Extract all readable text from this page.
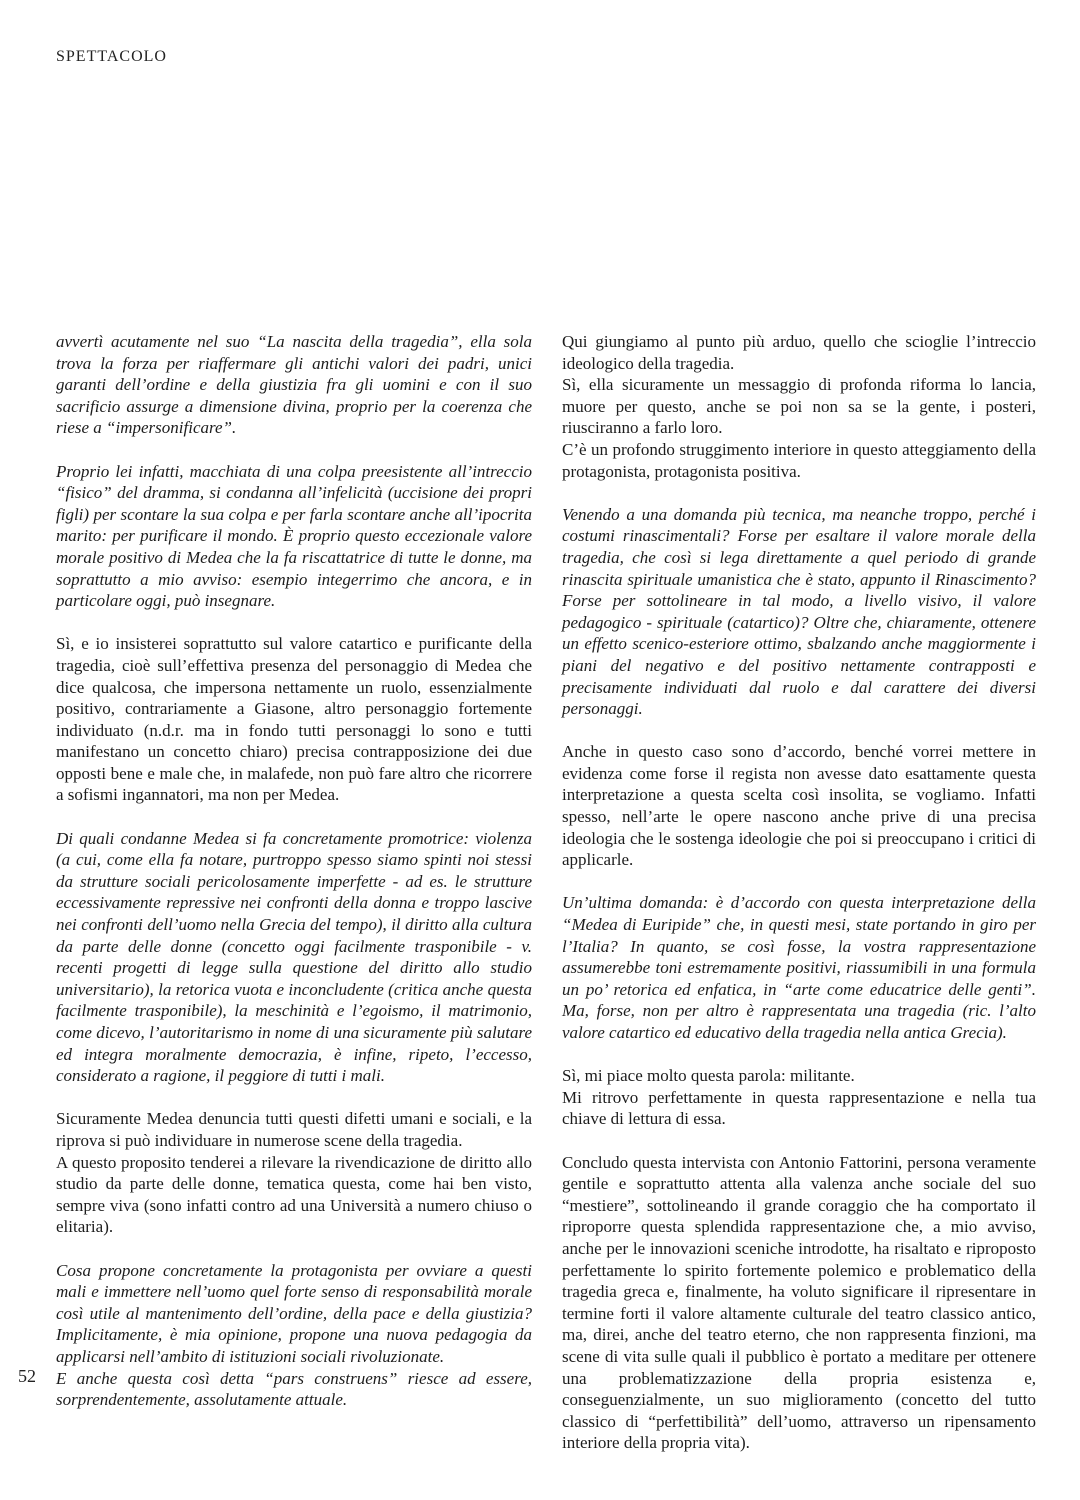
SPETTACOLO

avvertì acutamente nel suo “La nascita della tragedia”, ella sola trova la forza per riaffermare gli antichi valori dei padri, unici garanti dell’ordine e della giustizia fra gli uomini e con il suo sacrificio assurge a dimensione divina, proprio per la coerenza che riese a “impersonificare”.

Proprio lei infatti, macchiata di una colpa preesistente all’intreccio “fisico” del dramma, si condanna all’infelicità (uccisione dei propri figli) per scontare la sua colpa e per farla scontare anche all’ipocrita marito: per purificare il mondo. È proprio questo eccezionale valore morale positivo di Medea che la fa riscattatrice di tutte le donne, ma soprattutto a mio avviso: esempio integerrimo che ancora, e in particolare oggi, può insegnare.

Sì, e io insisterei soprattutto sul valore catartico e purificante della tragedia, cioè sull’effettiva presenza del personaggio di Medea che dice qualcosa, che impersona nettamente un ruolo, essenzialmente positivo, contrariamente a Giasone, altro personaggio fortemente individuato (n.d.r. ma in fondo tutti personaggi lo sono e tutti manifestano un concetto chiaro) precisa contrapposizione dei due opposti bene e male che, in malafede, non può fare altro che ricorrere a sofismi ingannatori, ma non per Medea.

Di quali condanne Medea si fa concretamente promotrice: violenza (a cui, come ella fa notare, purtroppo spesso siamo spinti noi stessi da strutture sociali pericolosamente imperfette - ad es. le strutture eccessivamente repressive nei confronti della donna e troppo lascive nei confronti dell’uomo nella Grecia del tempo), il diritto alla cultura da parte delle donne (concetto oggi facilmente trasponibile - v. recenti progetti di legge sulla questione del diritto allo studio universitario), la retorica vuota e inconcludente (critica anche questa facilmente trasponibile), la meschinità e l’egoismo, il matrimonio, come dicevo, l’autoritarismo in nome di una sicuramente più salutare ed integra moralmente democrazia, è infine, ripeto, l’eccesso, considerato a ragione, il peggiore di tutti i mali.

Sicuramente Medea denuncia tutti questi difetti umani e sociali, e la riprova si può individuare in numerose scene della tragedia.

A questo proposito tenderei a rilevare la rivendicazione de diritto allo studio da parte delle donne, tematica questa, come hai ben visto, sempre viva (sono infatti contro ad una Università a numero chiuso o elitaria).

Cosa propone concretamente la protagonista per ovviare a questi mali e immettere nell’uomo quel forte senso di responsabilità morale così utile al mantenimento dell’ordine, della pace e della giustizia? Implicitamente, è mia opinione, propone una nuova pedagogia da applicarsi nell’ambito di istituzioni sociali rivoluzionate.

E anche questa così detta “pars construens” riesce ad essere, sorprendentemente, assolutamente attuale.

Qui giungiamo al punto più arduo, quello che scioglie l’intreccio ideologico della tragedia.

Sì, ella sicuramente un messaggio di profonda riforma lo lancia, muore per questo, anche se poi non sa se la gente, i posteri, riusciranno a farlo loro.

C’è un profondo struggimento interiore in questo atteggiamento della protagonista, protagonista positiva.

Venendo a una domanda più tecnica, ma neanche troppo, perché i costumi rinascimentali? Forse per esaltare il valore morale della tragedia, che così si lega direttamente a quel periodo di grande rinascita spirituale umanistica che è stato, appunto il Rinascimento? Forse per sottolineare in tal modo, a livello visivo, il valore pedagogico - spirituale (catartico)? Oltre che, chiaramente, ottenere un effetto scenico-esteriore ottimo, sbalzando anche maggiormente i piani del negativo e del positivo nettamente contrapposti e precisamente individuati dal ruolo e dal carattere dei diversi personaggi.

Anche in questo caso sono d’accordo, benché vorrei mettere in evidenza come forse il regista non avesse dato esattamente questa interpretazione a questa scelta così insolita, se vogliamo. Infatti spesso, nell’arte le opere nascono anche prive di una precisa ideologia che le sostenga ideologie che poi si preoccupano i critici di applicarle.

Un’ultima domanda: è d’accordo con questa interpretazione della “Medea di Euripide” che, in questi mesi, state portando in giro per l’Italia? In quanto, se così fosse, la vostra rappresentazione assumerebbe toni estremamente positivi, riassumibili in una formula un po’ retorica ed enfatica, in “arte come educatrice delle genti”. Ma, forse, non per altro è rappresentata una tragedia (ric. l’alto valore catartico ed educativo della tragedia nella antica Grecia).

Sì, mi piace molto questa parola: militante.

Mi ritrovo perfettamente in questa rappresentazione e nella tua chiave di lettura di essa.

Concludo questa intervista con Antonio Fattorini, persona veramente gentile e soprattutto attenta alla valenza anche sociale del suo “mestiere”, sottolineando il grande coraggio che ha comportato il riproporre questa splendida rappresentazione che, a mio avviso, anche per le innovazioni sceniche introdotte, ha risaltato e riproposto perfettamente lo spirito fortemente polemico e problematico della tragedia greca e, finalmente, ha voluto significare il ripresentare in termine forti il valore altamente culturale del teatro classico antico, ma, direi, anche del teatro eterno, che non rappresenta finzioni, ma scene di vita sulle quali il pubblico è portato a meditare per ottenere una problematizzazione della propria esistenza e, conseguenzialmente, un suo miglioramento (concetto del tutto classico di “perfettibilità” dell’uomo, attraverso un ripensamento interiore della propria vita).

52
